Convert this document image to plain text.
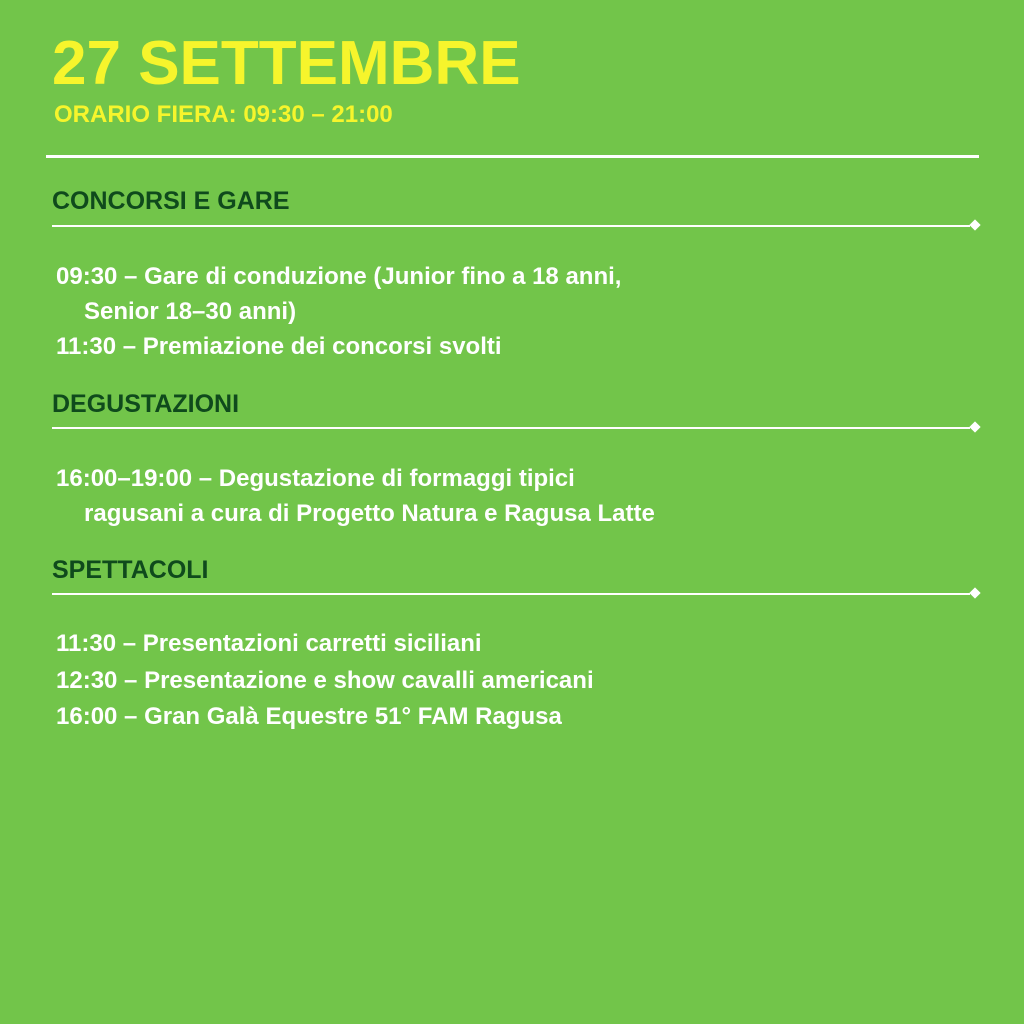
27 SETTEMBRE

ORARIO FIERA: 09:30 – 21:00

CONCORSI E GARE

09:30 – Gare di conduzione (Junior fino a 18 anni,
Senior 18–30 anni)

11:30 – Premiazione dei concorsi svolti

DEGUSTAZIONI

16:00–19:00 – Degustazione di formaggi tipici
ragusani a cura di Progetto Natura e Ragusa Latte

SPETTACOLI

11:30 – Presentazioni carretti siciliani

12:30 – Presentazione e show cavalli americani

16:00 – Gran Galà Equestre 51° FAM Ragusa
